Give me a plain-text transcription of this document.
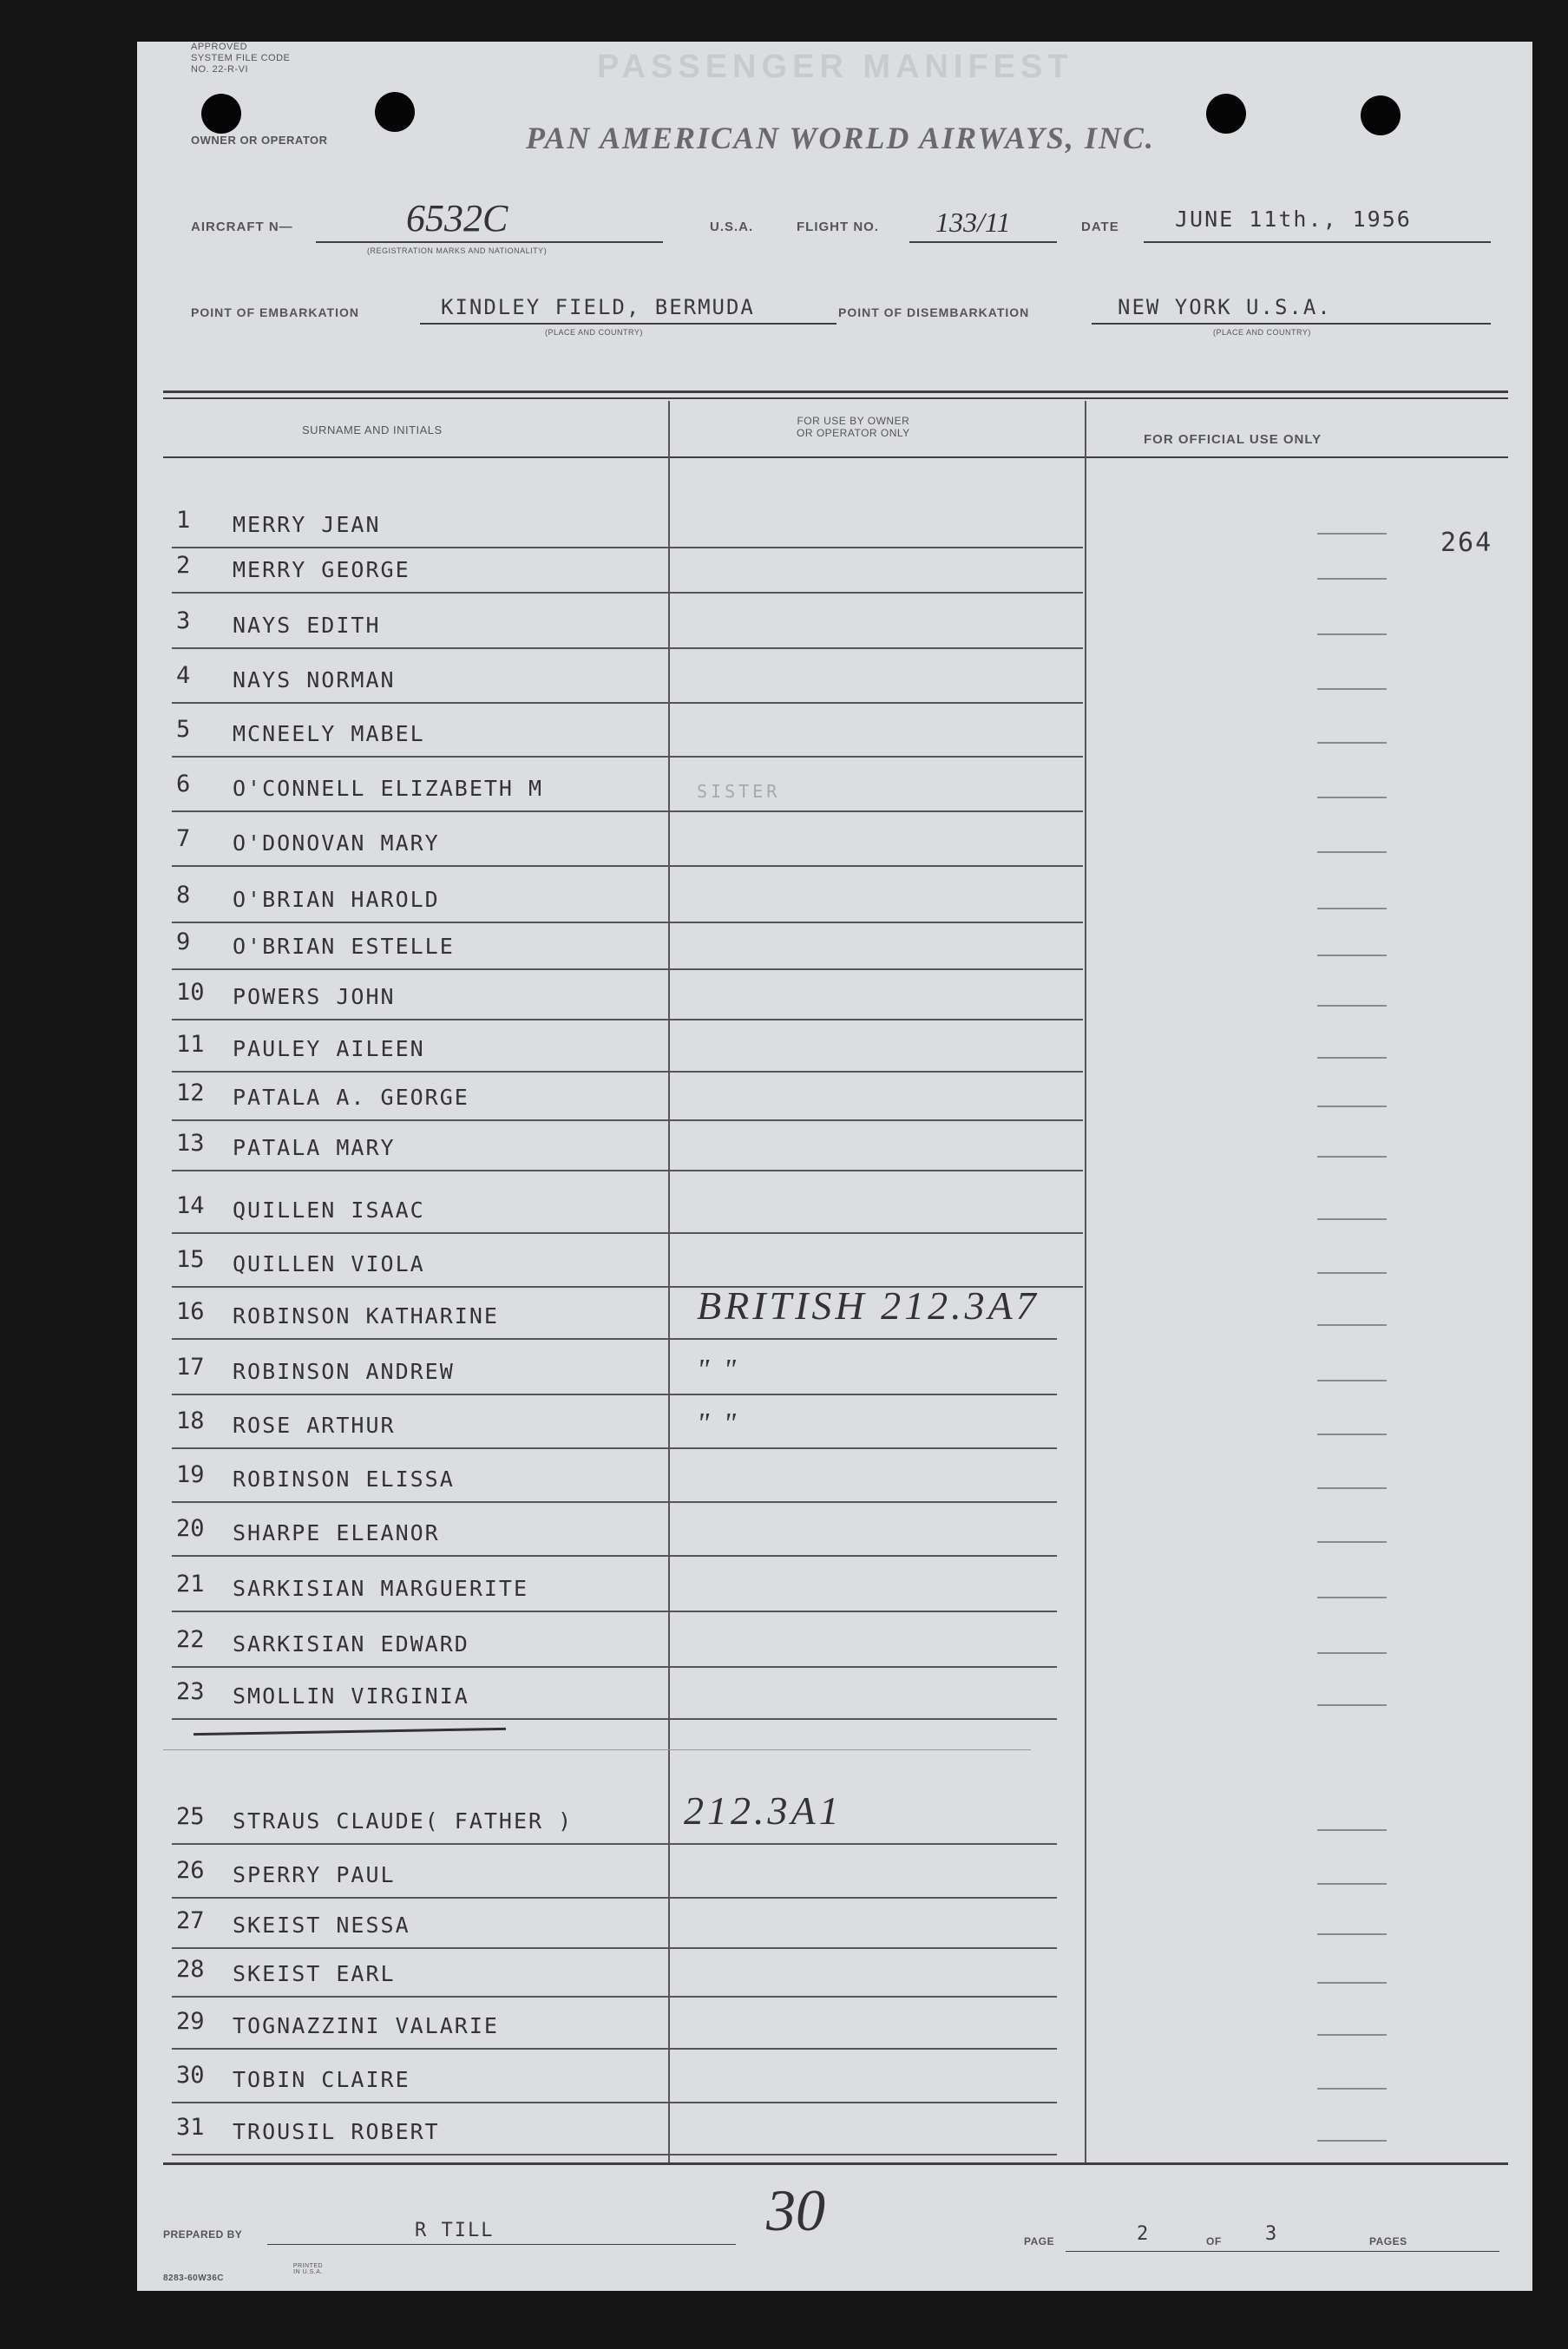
APPROVED
SYSTEM FILE CODE
NO. 22-R-VI	PASSENGER MANIFEST
OWNER OR OPERATOR	PAN AMERICAN WORLD AIRWAYS, INC.
AIRCRAFT N—	6532C
(REGISTRATION MARKS AND NATIONALITY)
U.S.A.	FLIGHT NO. 133/11	DATE	JUNE 11th., 1956
POINT OF EMBARKATION	KINDLEY FIELD, BERMUDA
(PLACE AND COUNTRY)
POINT OF DISEMBARKATION	NEW YORK U.S.A.
(PLACE AND COUNTRY)
SURNAME AND INITIALS
FOR USE BY OWNER
OR OPERATOR ONLY	FOR OFFICIAL USE ONLY
264
1 MERRY JEAN
2 MERRY GEORGE
3 NAYS EDITH
4 NAYS NORMAN
5 MCNEELY MABEL
6 O'CONNELL ELIZABETH M	SISTER
7 O'DONOVAN MARY
8 O'BRIAN HAROLD
9 O'BRIAN ESTELLE
10 POWERS JOHN
11 PAULEY AILEEN
12 PATALA A. GEORGE
13 PATALA MARY
14 QUILLEN ISAAC
15 QUILLEN VIOLA
16 ROBINSON KATHARINE	BRITISH 212.3A7
17 ROBINSON ANDREW	" "
18 ROSE ARTHUR	" "
19 ROBINSON ELISSA
20 SHARPE ELEANOR
21 SARKISIAN MARGUERITE
22 SARKISIAN EDWARD
23 SMOLLIN VIRGINIA
25 STRAUS CLAUDE( FATHER )	212.3A1
26 SPERRY PAUL
27 SKEIST NESSA
28 SKEIST EARL
29 TOGNAZZINI VALARIE
30 TOBIN CLAIRE
31 TROUSIL ROBERT
PREPARED BY	R TILL	30	PAGE	2	OF 3	PAGES
8283-60W36C
PRINTED IN U.S.A.
